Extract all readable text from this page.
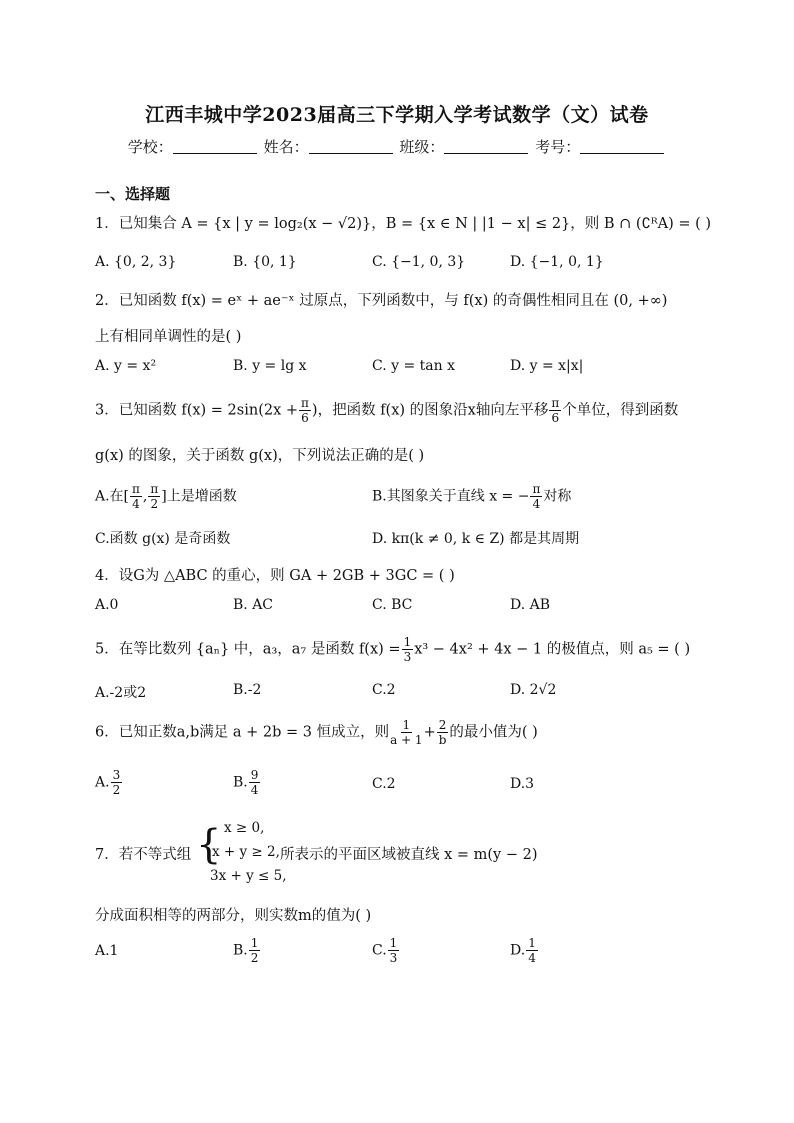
江西丰城中学2023届高三下学期入学考试数学（文）试卷
学校：	姓名：	班级：	考号：
一、选择题
1．已知集合 A = {x | y = log₂(x − √2)}，B = {x ∈ N | |1 − x| ≤ 2}，则 B ∩ (∁ᴿA) = ( )
A. {0, 2, 3}	B. {0, 1}	C. {−1, 0, 3}	D. {−1, 0, 1}
2．已知函数 f(x) = eˣ + ae⁻ˣ 过原点，下列函数中，与 f(x) 的奇偶性相同且在 (0, +∞)
上有相同单调性的是( )
A. y = x²	B. y = lg x	C. y = tan x	D. y = x|x|
3．已知函数 $f(x) = 2\sin(2x + \frac{\pi}{6}$ )，把函数 f(x) 的图象沿x轴向左平移 $\frac{\pi}{6}$ 个单位，得到函数
g(x) 的图象，关于函数 g(x)，下列说法正确的是( )
A.在[ $\frac{\pi}{4}$ , $\frac{\pi}{2}$ ]上是增函数	B.其图象关于直线 x = − $\frac{\pi}{4}$ 对称
C.函数 g(x) 是奇函数	D. kπ(k ≠ 0, k ∈ Z) 都是其周期
4．设G为 △ABC 的重心，则 GA + 2GB + 3GC = ( )
A.0	B. AC	C. BC	D. AB
5．在等比数列 {aₙ} 中，a₃，a₇ 是函数 $f(x) = \frac{1}{3} x^3 - 4x^2 + 4x - 1$ 的极值点，则 a₅ = ( )
A.-2或2	B.-2	C.2	D. 2√2
6．已知正数a,b满足 a + 2b = 3 恒成立，则 $\frac{1}{a + 1} + \frac{2}{b}$ 的最小值为( )
A. $\frac{3}{2}$	B. $\frac{9}{4}$	C.2	D.3
7．若不等式组 { x ≥ 0,
x + y ≥ 2,
3x + y ≤ 5,
所表示的平面区域被直线 x = m(y − 2)
分成面积相等的两部分，则实数m的值为( )
A.1	B. $\frac{1}{2}$	C. $\frac{1}{3}$	D. $\frac{1}{4}$
